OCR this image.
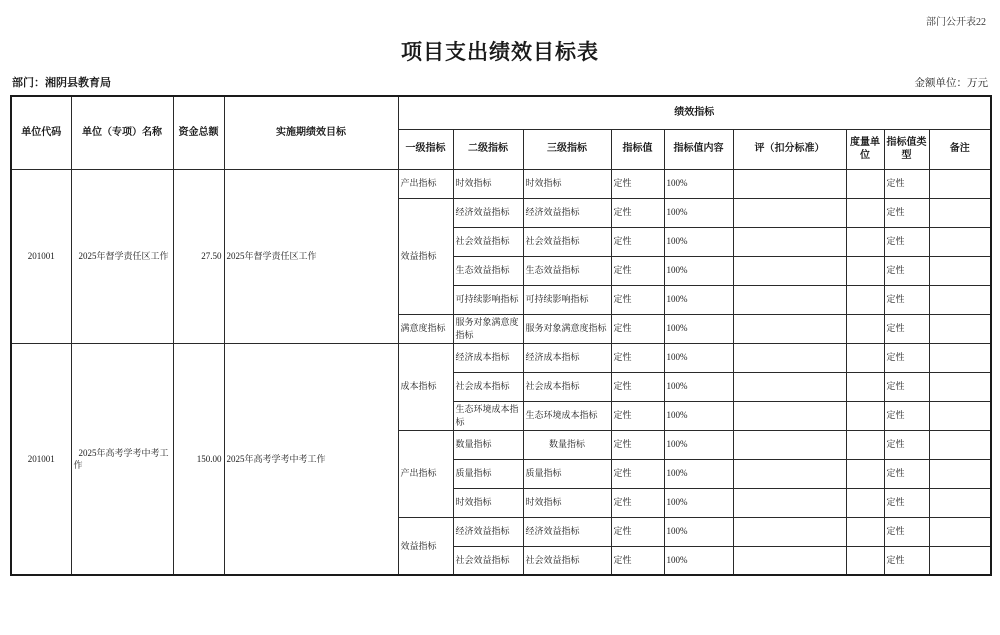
部门公开表22
项目支出绩效目标表
部门：湘阴县教育局	金额单位：万元
单位代码	单位（专项）名称	资金总额	实施期绩效目标	绩效指标								
				一级指标	二级指标	三级指标	指标值	指标值内容	评（扣分标准）	度量单位	指标值类型	备注
201001	2025年督学责任区工作	27.50	2025年督学责任区工作	产出指标	时效指标	时效指标	定性	100%			定性	
				效益指标	经济效益指标	经济效益指标	定性	100%			定性	
					社会效益指标	社会效益指标	定性	100%			定性	
					生态效益指标	生态效益指标	定性	100%			定性	
					可持续影响指标	可持续影响指标	定性	100%			定性	
				满意度指标	服务对象满意度指标	服务对象满意度指标	定性	100%			定性	
201001	2025年高考学考中考工作	150.00	2025年高考学考中考工作	成本指标	经济成本指标	经济成本指标	定性	100%			定性	
					社会成本指标	社会成本指标	定性	100%			定性	
					生态环境成本指标	生态环境成本指标	定性	100%			定性	
				产出指标	数量指标	数量指标	定性	100%			定性	
					质量指标	质量指标	定性	100%			定性	
					时效指标	时效指标	定性	100%			定性	
				效益指标	经济效益指标	经济效益指标	定性	100%			定性	
					社会效益指标	社会效益指标	定性	100%			定性	
